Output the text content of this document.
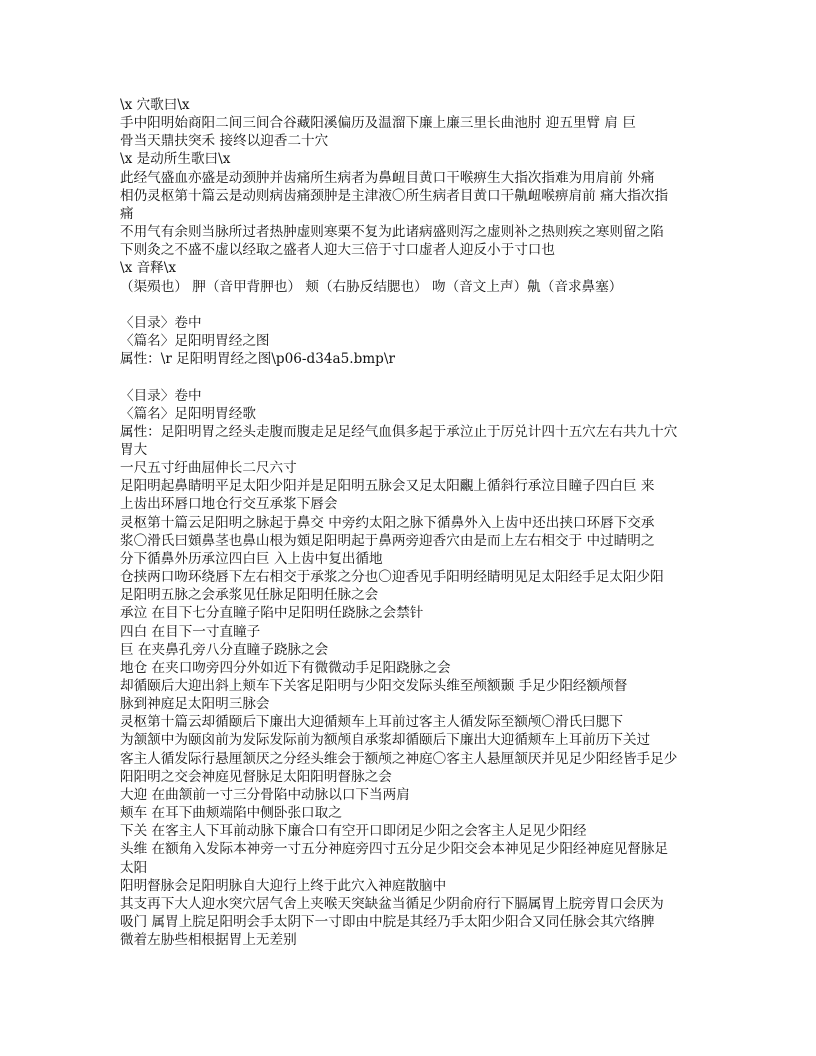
\x 穴歌曰\x
手中阳明始商阳二间三间合谷藏阳溪偏历及温溜下廉上廉三里长曲池肘 迎五里臂 肩 巨
骨当天鼎扶突禾 接终以迎香二十穴
\x 是动所生歌曰\x
此经气盛血亦盛是动颈肿并齿痛所生病者为鼻衄目黄口干喉痹生大指次指难为用肩前 外痛
相仍灵枢第十篇云是动则病齿痛颈肿是主津液〇所生病者目黄口干鼽衄喉痹肩前 痛大指次指
痛
不用气有余则当脉所过者热肿虚则寒栗不复为此诸病盛则泻之虚则补之热则疾之寒则留之陷
下则灸之不盛不虚以经取之盛者人迎大三倍于寸口虚者人迎反小于寸口也
\x 音释\x
（渠殒也） 胛（音甲背胛也） 颊（右胁反结腮也） 吻（音文上声）鼽（音求鼻塞）
〈目录〉卷中
〈篇名〉足阳明胃经之图
属性：\r 足阳明胃经之图\p06-d34a5.bmp\r
〈目录〉卷中
〈篇名〉足阳明胃经歌
属性：足阳明胃之经头走腹而腹走足足经气血俱多起于承泣止于厉兑计四十五穴左右共九十穴
胃大
一尺五寸纡曲屈伸长二尺六寸
足阳明起鼻睛明平足太阳少阳并是足阳明五脉会又足太阳覼上循斜行承泣目瞳子四白巨 来
上齿出环唇口地仓行交互承浆下唇会
灵枢第十篇云足阳明之脉起于鼻交 中旁约太阳之脉下循鼻外入上齿中还出挟口环唇下交承
浆〇滑氏曰頞鼻茎也鼻山根为頞足阳明起于鼻两旁迎香穴由是而上左右相交于 中过睛明之
分下循鼻外历承泣四白巨 入上齿中复出循地
仓挟两口吻环绕唇下左右相交于承浆之分也〇迎香见手阳明经睛明见足太阳经手足太阳少阳
足阳明五脉之会承浆见任脉足阳明任脉之会
承泣 在目下七分直瞳子陷中足阳明任跷脉之会禁针
四白 在目下一寸直瞳子
巨 在夹鼻孔旁八分直瞳子跷脉之会
地仓 在夹口吻旁四分外如近下有微微动手足阳跷脉之会
却循颐后大迎出斜上颊车下关客足阳明与少阳交发际头维至颅额颞 手足少阳经额颅督
脉到神庭足太阳明三脉会
灵枢第十篇云却循颐后下廉出大迎循颊车上耳前过客主人循发际至额颅〇滑氏曰腮下
为颔颔中为颐囟前为发际发际前为额颅自承浆却循颐后下廉出大迎循颊车上耳前历下关过
客主人循发际行悬厘颔厌之分经头维会于额颅之神庭〇客主人悬厘颔厌并见足少阳经皆手足少
阳阳明之交会神庭见督脉足太阳阳明督脉之会
大迎 在曲颔前一寸三分骨陷中动脉以口下当两肩
颊车 在耳下曲颊端陷中侧卧张口取之
下关 在客主人下耳前动脉下廉合口有空开口即闭足少阳之会客主人足见少阳经
头维 在额角入发际本神旁一寸五分神庭旁四寸五分足少阳交会本神见足少阳经神庭见督脉足
太阳
阳明督脉会足阳明脉自大迎行上终于此穴入神庭散脑中
其支再下大人迎水突穴居气舍上夹喉天突缺盆当循足少阴俞府行下膈属胃上脘旁胃口会厌为
吸门 属胃上脘足阳明会手太阴下一寸即由中脘是其经乃手太阳少阳合又同任脉会其穴络脾
微着左胁些相根据胃上无差别
